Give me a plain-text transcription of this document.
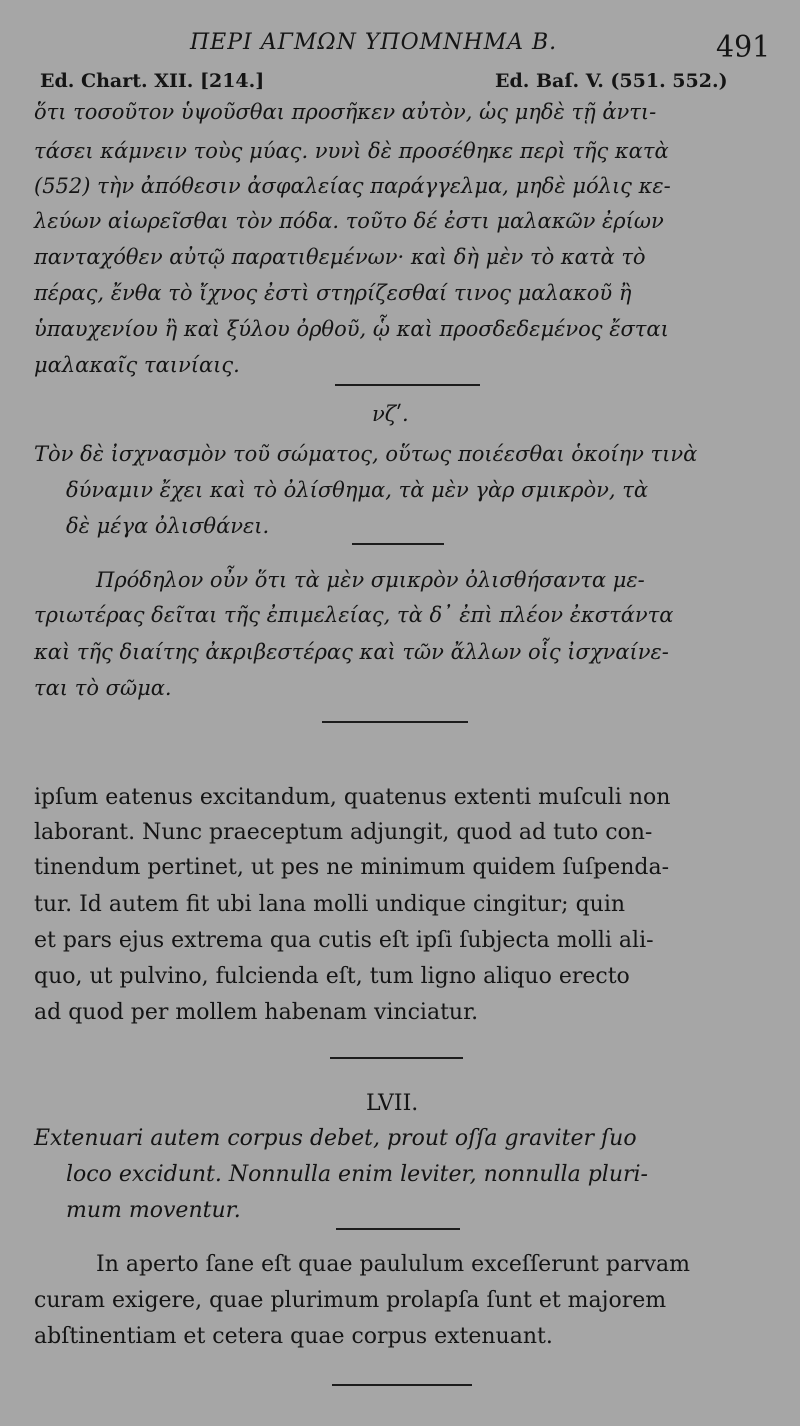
ΠΕΡΙ ΑΓΜΩΝ ΥΠΟΜΝΗΜΑ Β.	491
Ed. Chart. XII. [214.]	Ed. Baſ. V. (551. 552.)
ὅτι τοσοῦτον ὑψοῦσθαι προσῆκεν αὐτὸν, ὡς μηδὲ τῇ ἀντι-
τάσει κάμνειν τοὺς μύας. νυνὶ δὲ προσέθηκε περὶ τῆς κατὰ
(552) τὴν ἀπόθεσιν ἀσφαλείας παράγγελμα, μηδὲ μόλις κε-
λεύων αἰωρεῖσθαι τὸν πόδα. τοῦτο δέ ἐστι μαλακῶν ἐρίων
πανταχόθεν αὐτῷ παρατιθεμένων· καὶ δὴ μὲν τὸ κατὰ τὸ
πέρας, ἔνθα τὸ ἴχνος ἐστὶ στηρίζεσθαί τινος μαλακοῦ ἢ
ὑπαυχενίου ἢ καὶ ξύλου ὀρθοῦ, ᾧ καὶ προσδεδεμένος ἔσται
μαλακαῖς ταινίαις.
νζʹ.
Τὸν δὲ ἰσχνασμὸν τοῦ σώματος, οὕτως ποιέεσθαι ὁκοίην τινὰ
δύναμιν ἔχει καὶ τὸ ὀλίσθημα, τὰ μὲν γὰρ σμικρὸν, τὰ
δὲ μέγα ὀλισθάνει.
Πρόδηλον οὖν ὅτι τὰ μὲν σμικρὸν ὀλισθήσαντα με-
τριωτέρας δεῖται τῆς ἐπιμελείας, τὰ δ᾽ ἐπὶ πλέον ἐκστάντα
καὶ τῆς διαίτης ἀκριβεστέρας καὶ τῶν ἄλλων οἷς ἰσχναίνε-
ται τὸ σῶμα.
ipſum eatenus excitandum, quatenus extenti muſculi non
laborant. Nunc praeceptum adjungit, quod ad tuto con-
tinendum pertinet, ut pes ne minimum quidem ſuſpenda-
tur. Id autem fit ubi lana molli undique cingitur; quin
et pars ejus extrema qua cutis eſt ipſi ſubjecta molli ali-
quo, ut pulvino, fulcienda eſt, tum ligno aliquo erecto
ad quod per mollem habenam vinciatur.
LVII.
Extenuari autem corpus debet, prout oſſa graviter ſuo
loco excidunt. Nonnulla enim leviter, nonnulla pluri-
mum moventur.
In aperto ſane eſt quae paululum exceſſerunt parvam
curam exigere, quae plurimum prolapſa ſunt et majorem
abſtinentiam et cetera quae corpus extenuant.
